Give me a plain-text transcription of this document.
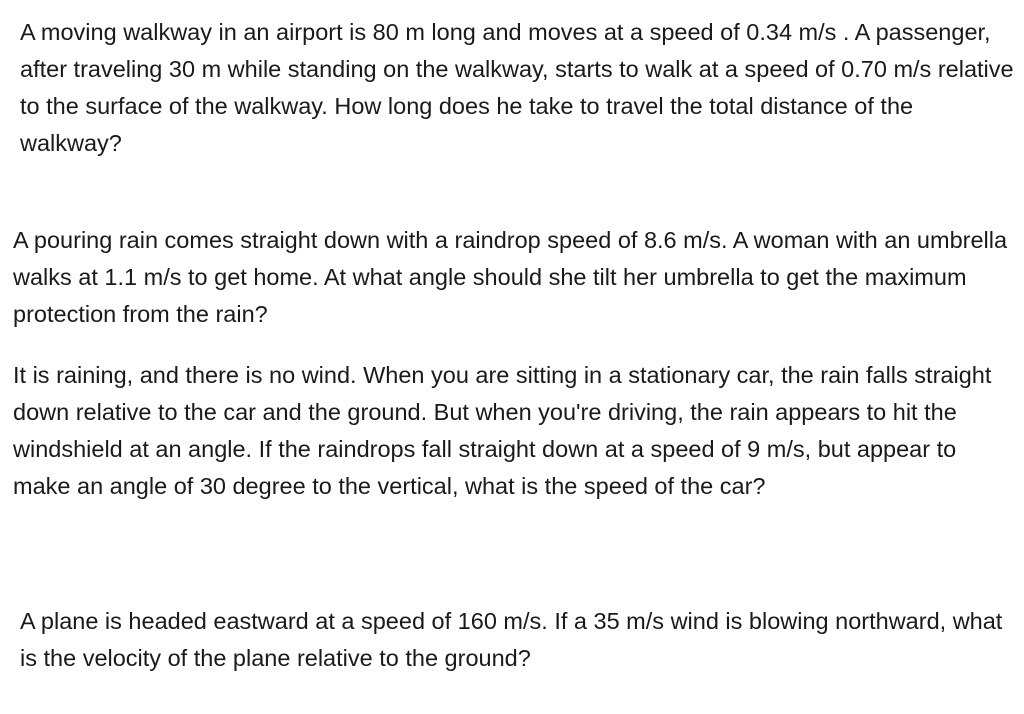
A moving walkway in an airport is 80 m long and moves at a speed of 0.34 m/s . A passenger, after traveling 30 m while standing on the walkway, starts to walk at a speed of 0.70 m/s relative to the surface of the walkway. How long does he take to travel the total distance of the walkway?

A pouring rain comes straight down with a raindrop speed of 8.6 m/s. A woman with an umbrella walks at 1.1 m/s to get home. At what angle should she tilt her umbrella to get the maximum protection from the rain?

It is raining, and there is no wind. When you are sitting in a stationary car, the rain falls straight down relative to the car and the ground. But when you're driving, the rain appears to hit the windshield at an angle. If the raindrops fall straight down at a speed of 9 m/s, but appear to make an angle of 30 degree to the vertical, what is the speed of the car?

A plane is headed eastward at a speed of 160 m/s. If a 35 m/s wind is blowing northward, what is the velocity of the plane relative to the ground?
